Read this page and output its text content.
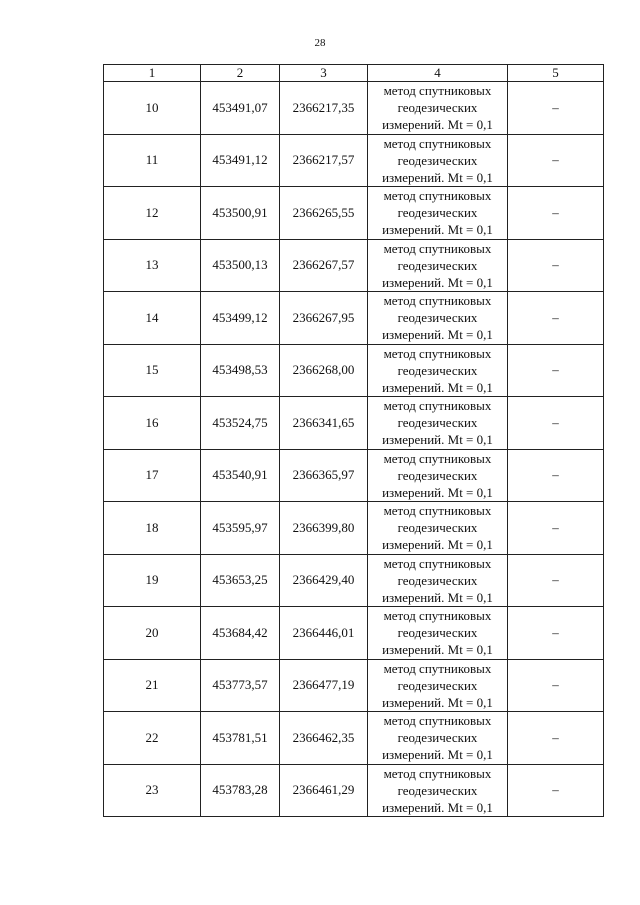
28
1	2	3	4	5
10	453491,07	2366217,35	метод спутниковых
геодезических
измерений. Mt = 0,1	–
11	453491,12	2366217,57	метод спутниковых
геодезических
измерений. Mt = 0,1	–
12	453500,91	2366265,55	метод спутниковых
геодезических
измерений. Mt = 0,1	–
13	453500,13	2366267,57	метод спутниковых
геодезических
измерений. Mt = 0,1	–
14	453499,12	2366267,95	метод спутниковых
геодезических
измерений. Mt = 0,1	–
15	453498,53	2366268,00	метод спутниковых
геодезических
измерений. Mt = 0,1	–
16	453524,75	2366341,65	метод спутниковых
геодезических
измерений. Mt = 0,1	–
17	453540,91	2366365,97	метод спутниковых
геодезических
измерений. Mt = 0,1	–
18	453595,97	2366399,80	метод спутниковых
геодезических
измерений. Mt = 0,1	–
19	453653,25	2366429,40	метод спутниковых
геодезических
измерений. Mt = 0,1	–
20	453684,42	2366446,01	метод спутниковых
геодезических
измерений. Mt = 0,1	–
21	453773,57	2366477,19	метод спутниковых
геодезических
измерений. Mt = 0,1	–
22	453781,51	2366462,35	метод спутниковых
геодезических
измерений. Mt = 0,1	–
23	453783,28	2366461,29	метод спутниковых
геодезических
измерений. Mt = 0,1	–
